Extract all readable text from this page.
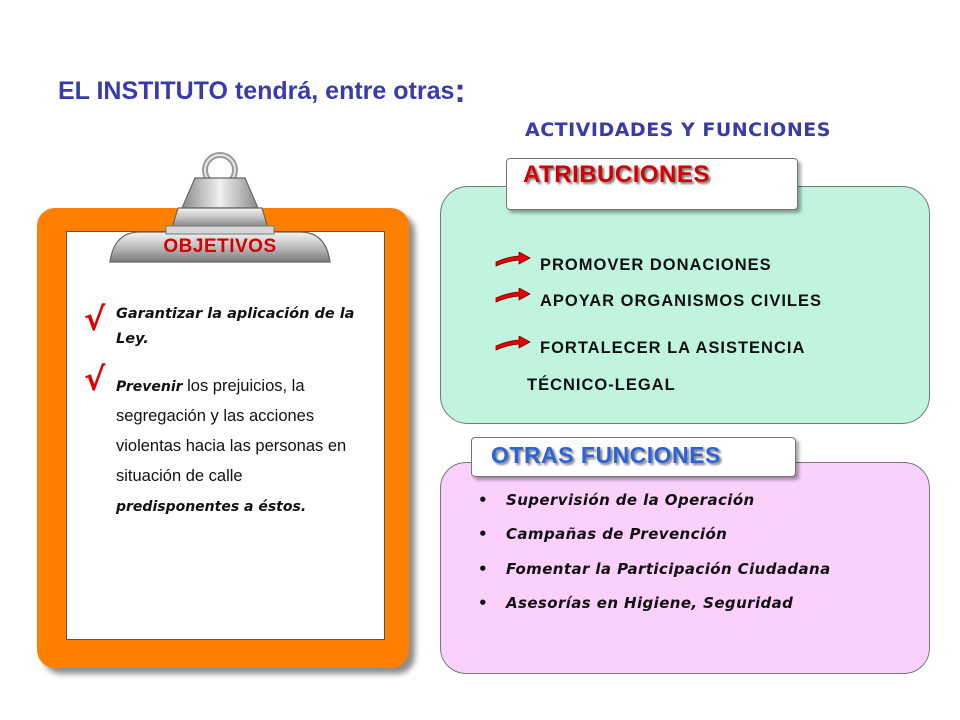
EL INSTITUTO tendrá, entre otras:
ACTIVIDADES Y FUNCIONES
OBJETIVOS
√ Garantizar la aplicación de la Ley.
√ Prevenir los prejuicios, la segregación y las acciones violentas hacia las personas en situación de calle predisponentes a éstos.
ATRIBUCIONES
PROMOVER DONACIONES
APOYAR ORGANISMOS CIVILES
FORTALECER LA ASISTENCIA
TÉCNICO-LEGAL
OTRAS FUNCIONES
• Supervisión de la Operación
• Campañas de Prevención
• Fomentar la Participación Ciudadana
• Asesorías en Higiene, Seguridad
